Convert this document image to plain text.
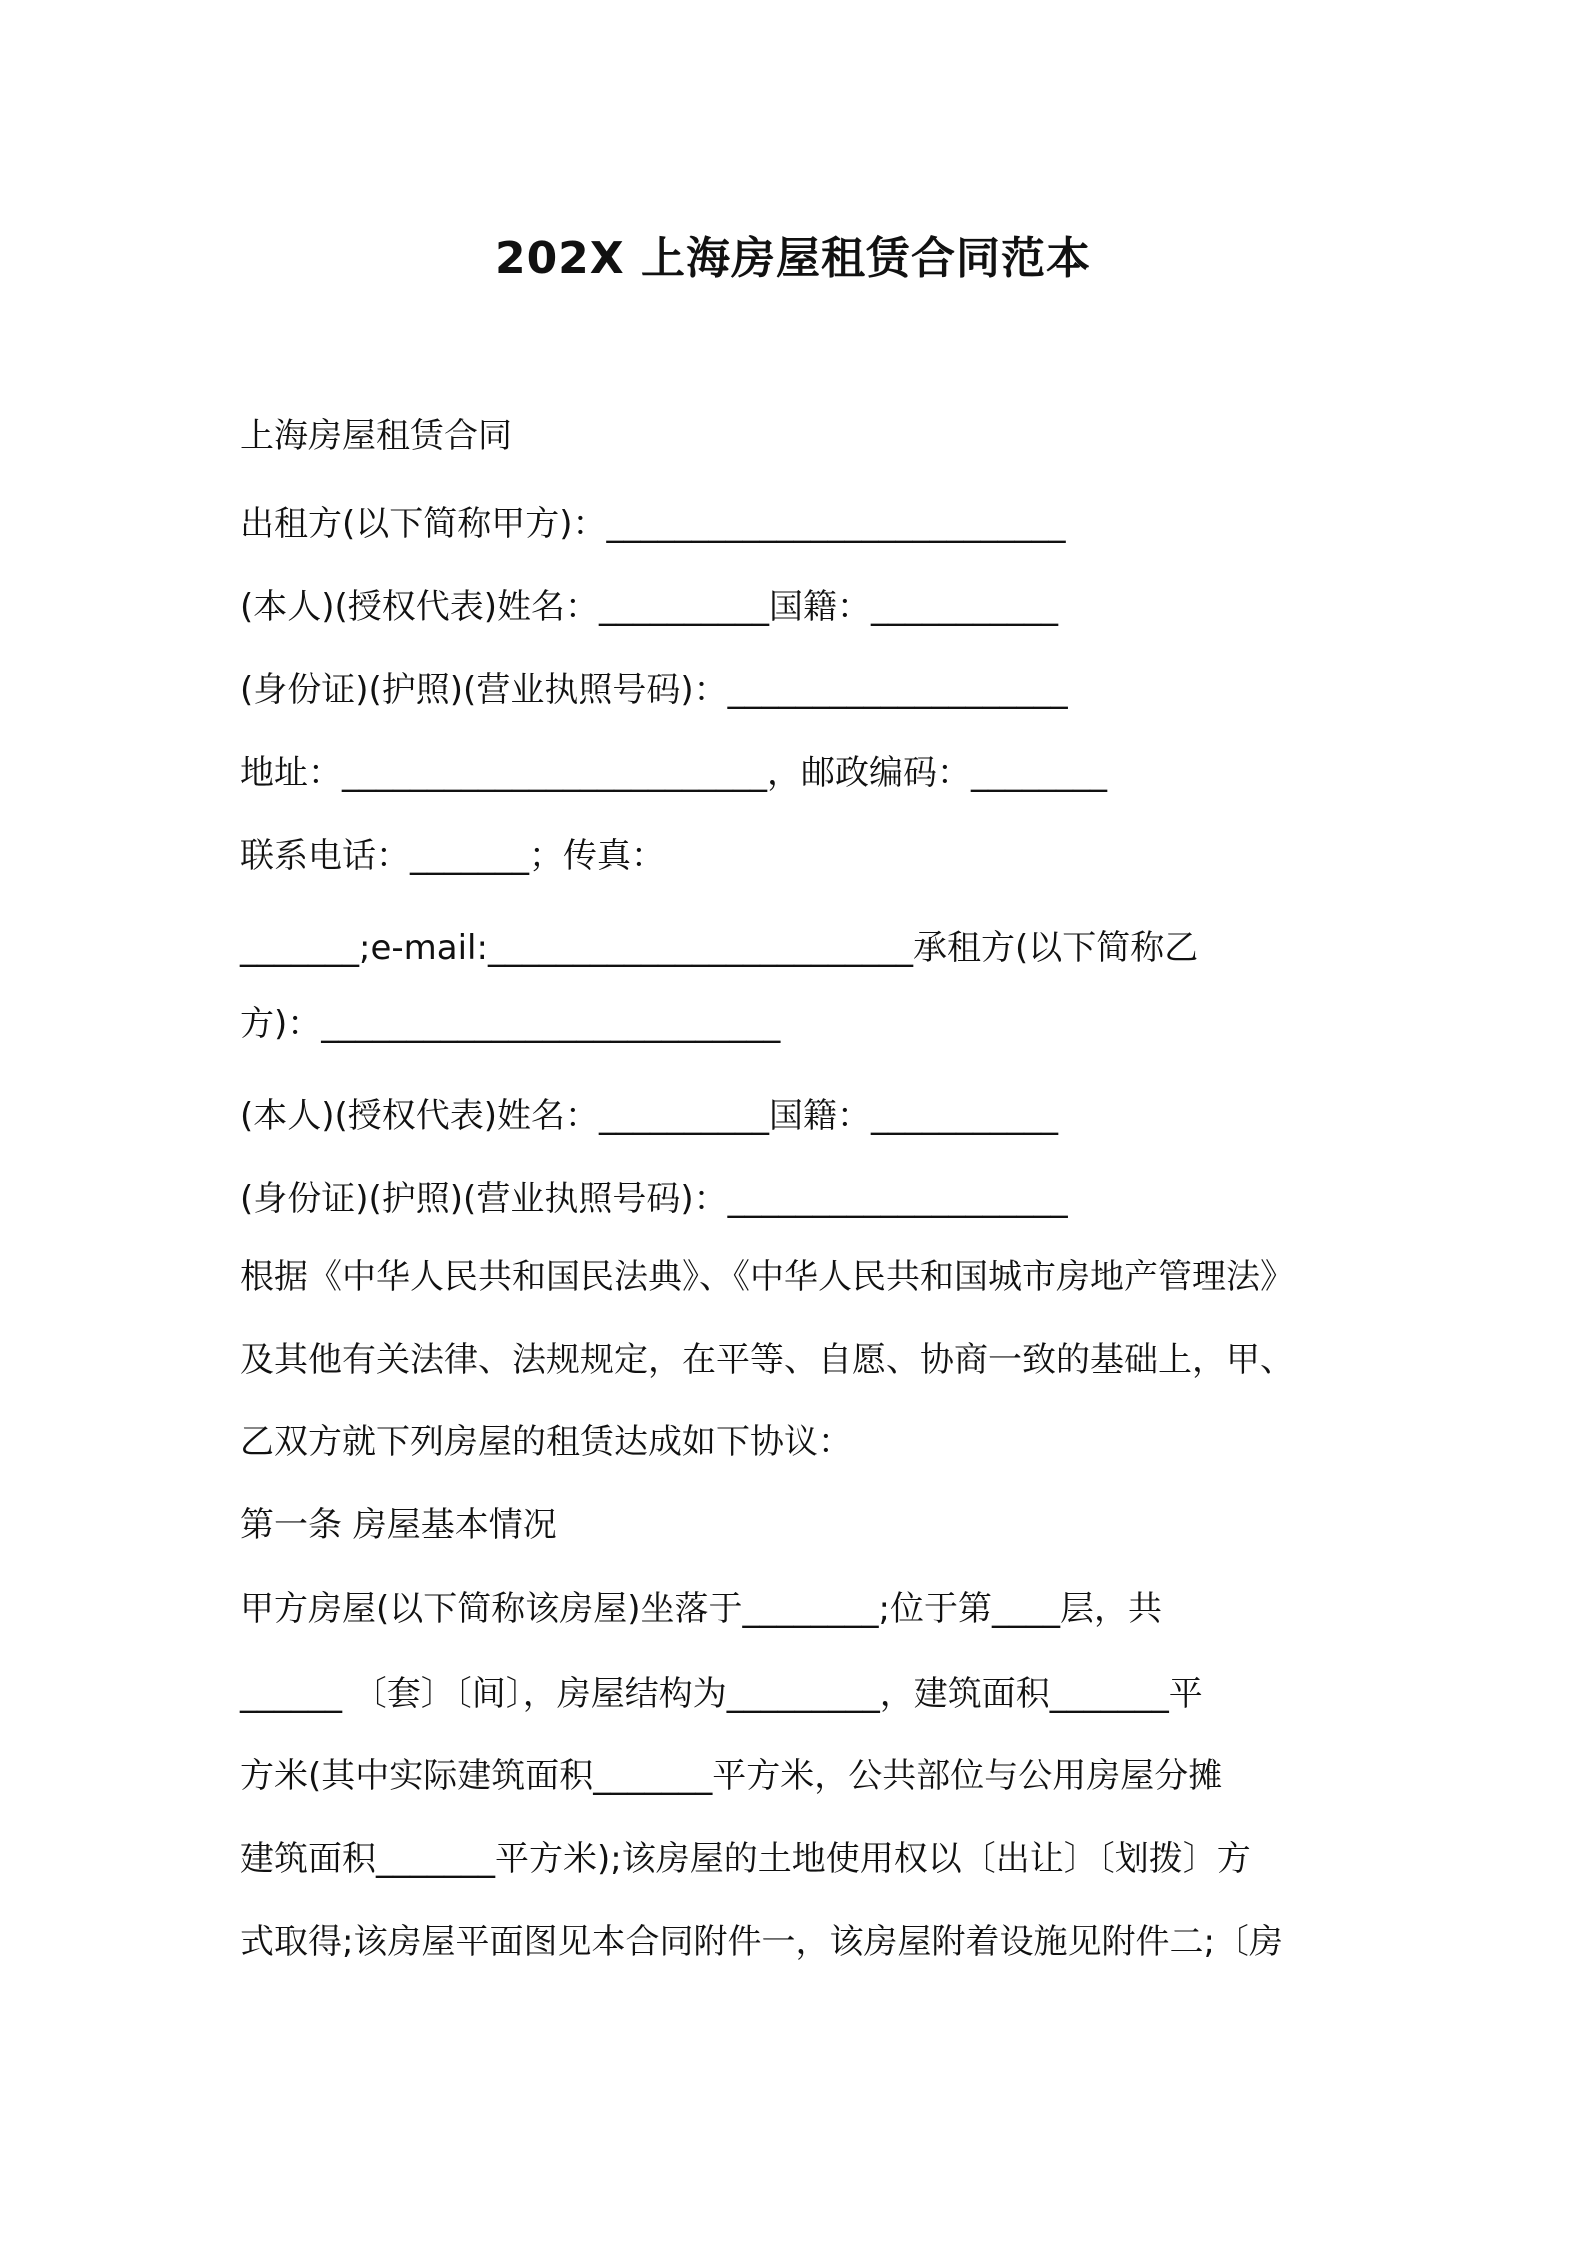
202X 上海房屋租赁合同范本
上海房屋租赁合同
出租方(以下简称甲方)：___________________________
(本人)(授权代表)姓名：__________国籍：___________
(身份证)(护照)(营业执照号码)：____________________
地址：_________________________，邮政编码：________
联系电话：_______；传真：
_______;e-mail:_________________________承租方(以下简称乙
方)：___________________________
(本人)(授权代表)姓名：__________国籍：___________
(身份证)(护照)(营业执照号码)：____________________
根据《中华人民共和国民法典》、《中华人民共和国城市房地产管理法》
及其他有关法律、法规规定，在平等、自愿、协商一致的基础上，甲、
乙双方就下列房屋的租赁达成如下协议：
第一条 房屋基本情况
甲方房屋(以下简称该房屋)坐落于________;位于第____层，共
______ 〔套〕〔间〕，房屋结构为_________，建筑面积_______平
方米(其中实际建筑面积_______平方米，公共部位与公用房屋分摊
建筑面积_______平方米);该房屋的土地使用权以〔出让〕〔划拨〕方
式取得;该房屋平面图见本合同附件一，该房屋附着设施见附件二;〔房
